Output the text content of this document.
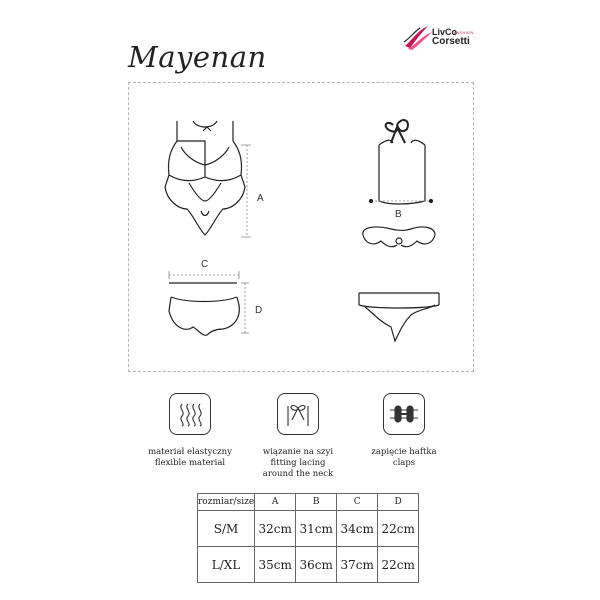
LivCo
FASHION
Corsetti
Mayenan
A
B
C
D
materiał elastyczny
flexible material
wiązanie na szyi
fitting lacing
around the neck
zapięcie haftka
claps
rozmiar/size	A	B	C	D
S/M	32cm	31cm	34cm	22cm
L/XL	35cm	36cm	37cm	22cm
